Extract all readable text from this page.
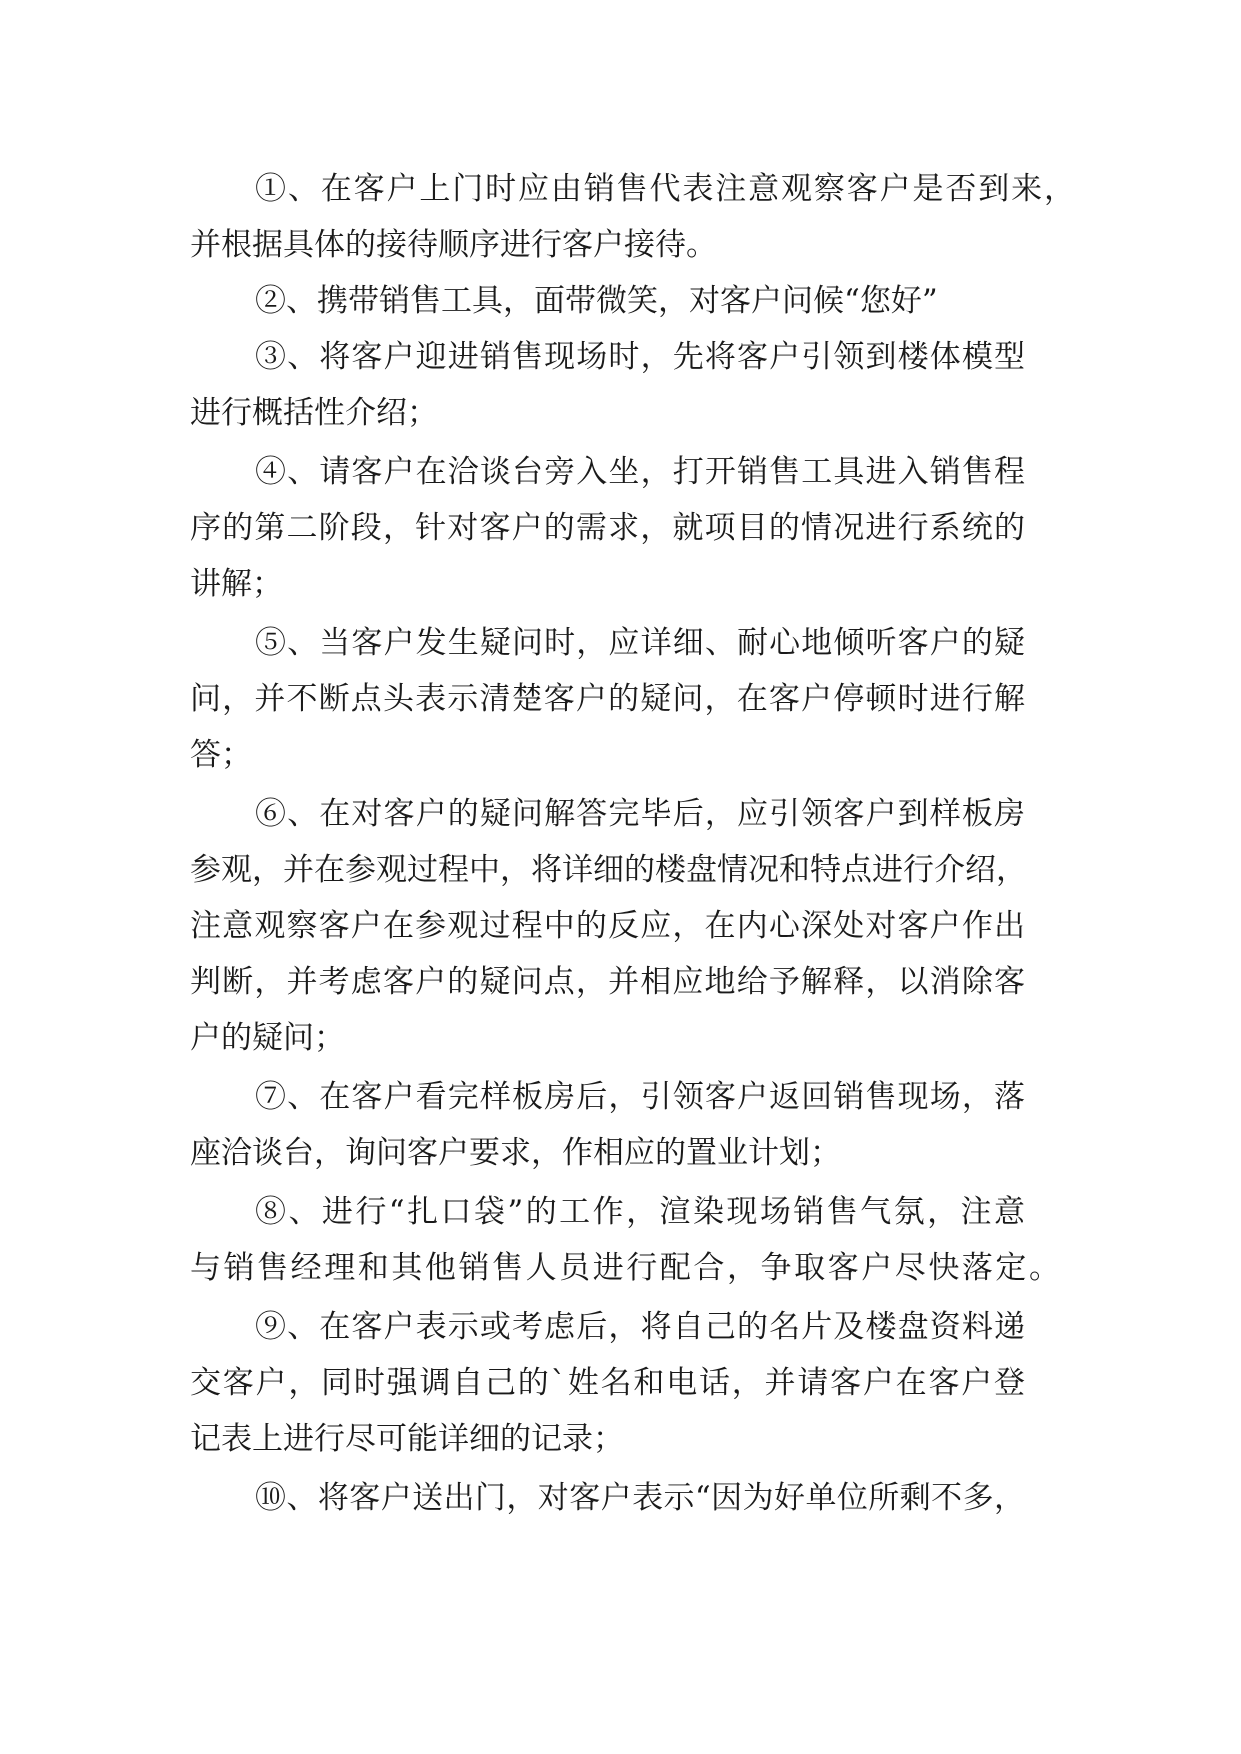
①、在客户上门时应由销售代表注意观察客户是否到来，
并根据具体的接待顺序进行客户接待。
②、携带销售工具，面带微笑，对客户问候“您好”
③、将客户迎进销售现场时，先将客户引领到楼体模型
进行概括性介绍；
④、请客户在洽谈台旁入坐，打开销售工具进入销售程
序的第二阶段，针对客户的需求，就项目的情况进行系统的
讲解；
⑤、当客户发生疑问时，应详细、耐心地倾听客户的疑
问，并不断点头表示清楚客户的疑问，在客户停顿时进行解
答；
⑥、在对客户的疑问解答完毕后，应引领客户到样板房
参观，并在参观过程中，将详细的楼盘情况和特点进行介绍，
注意观察客户在参观过程中的反应，在内心深处对客户作出
判断，并考虑客户的疑问点，并相应地给予解释，以消除客
户的疑问；
⑦、在客户看完样板房后，引领客户返回销售现场，落
座洽谈台，询问客户要求，作相应的置业计划；
⑧、进行“扎口袋”的工作，渲染现场销售气氛，注意
与销售经理和其他销售人员进行配合，争取客户尽快落定。
⑨、在客户表示或考虑后，将自己的名片及楼盘资料递
交客户，同时强调自己的`姓名和电话，并请客户在客户登
记表上进行尽可能详细的记录；
⑩、将客户送出门，对客户表示“因为好单位所剩不多，
